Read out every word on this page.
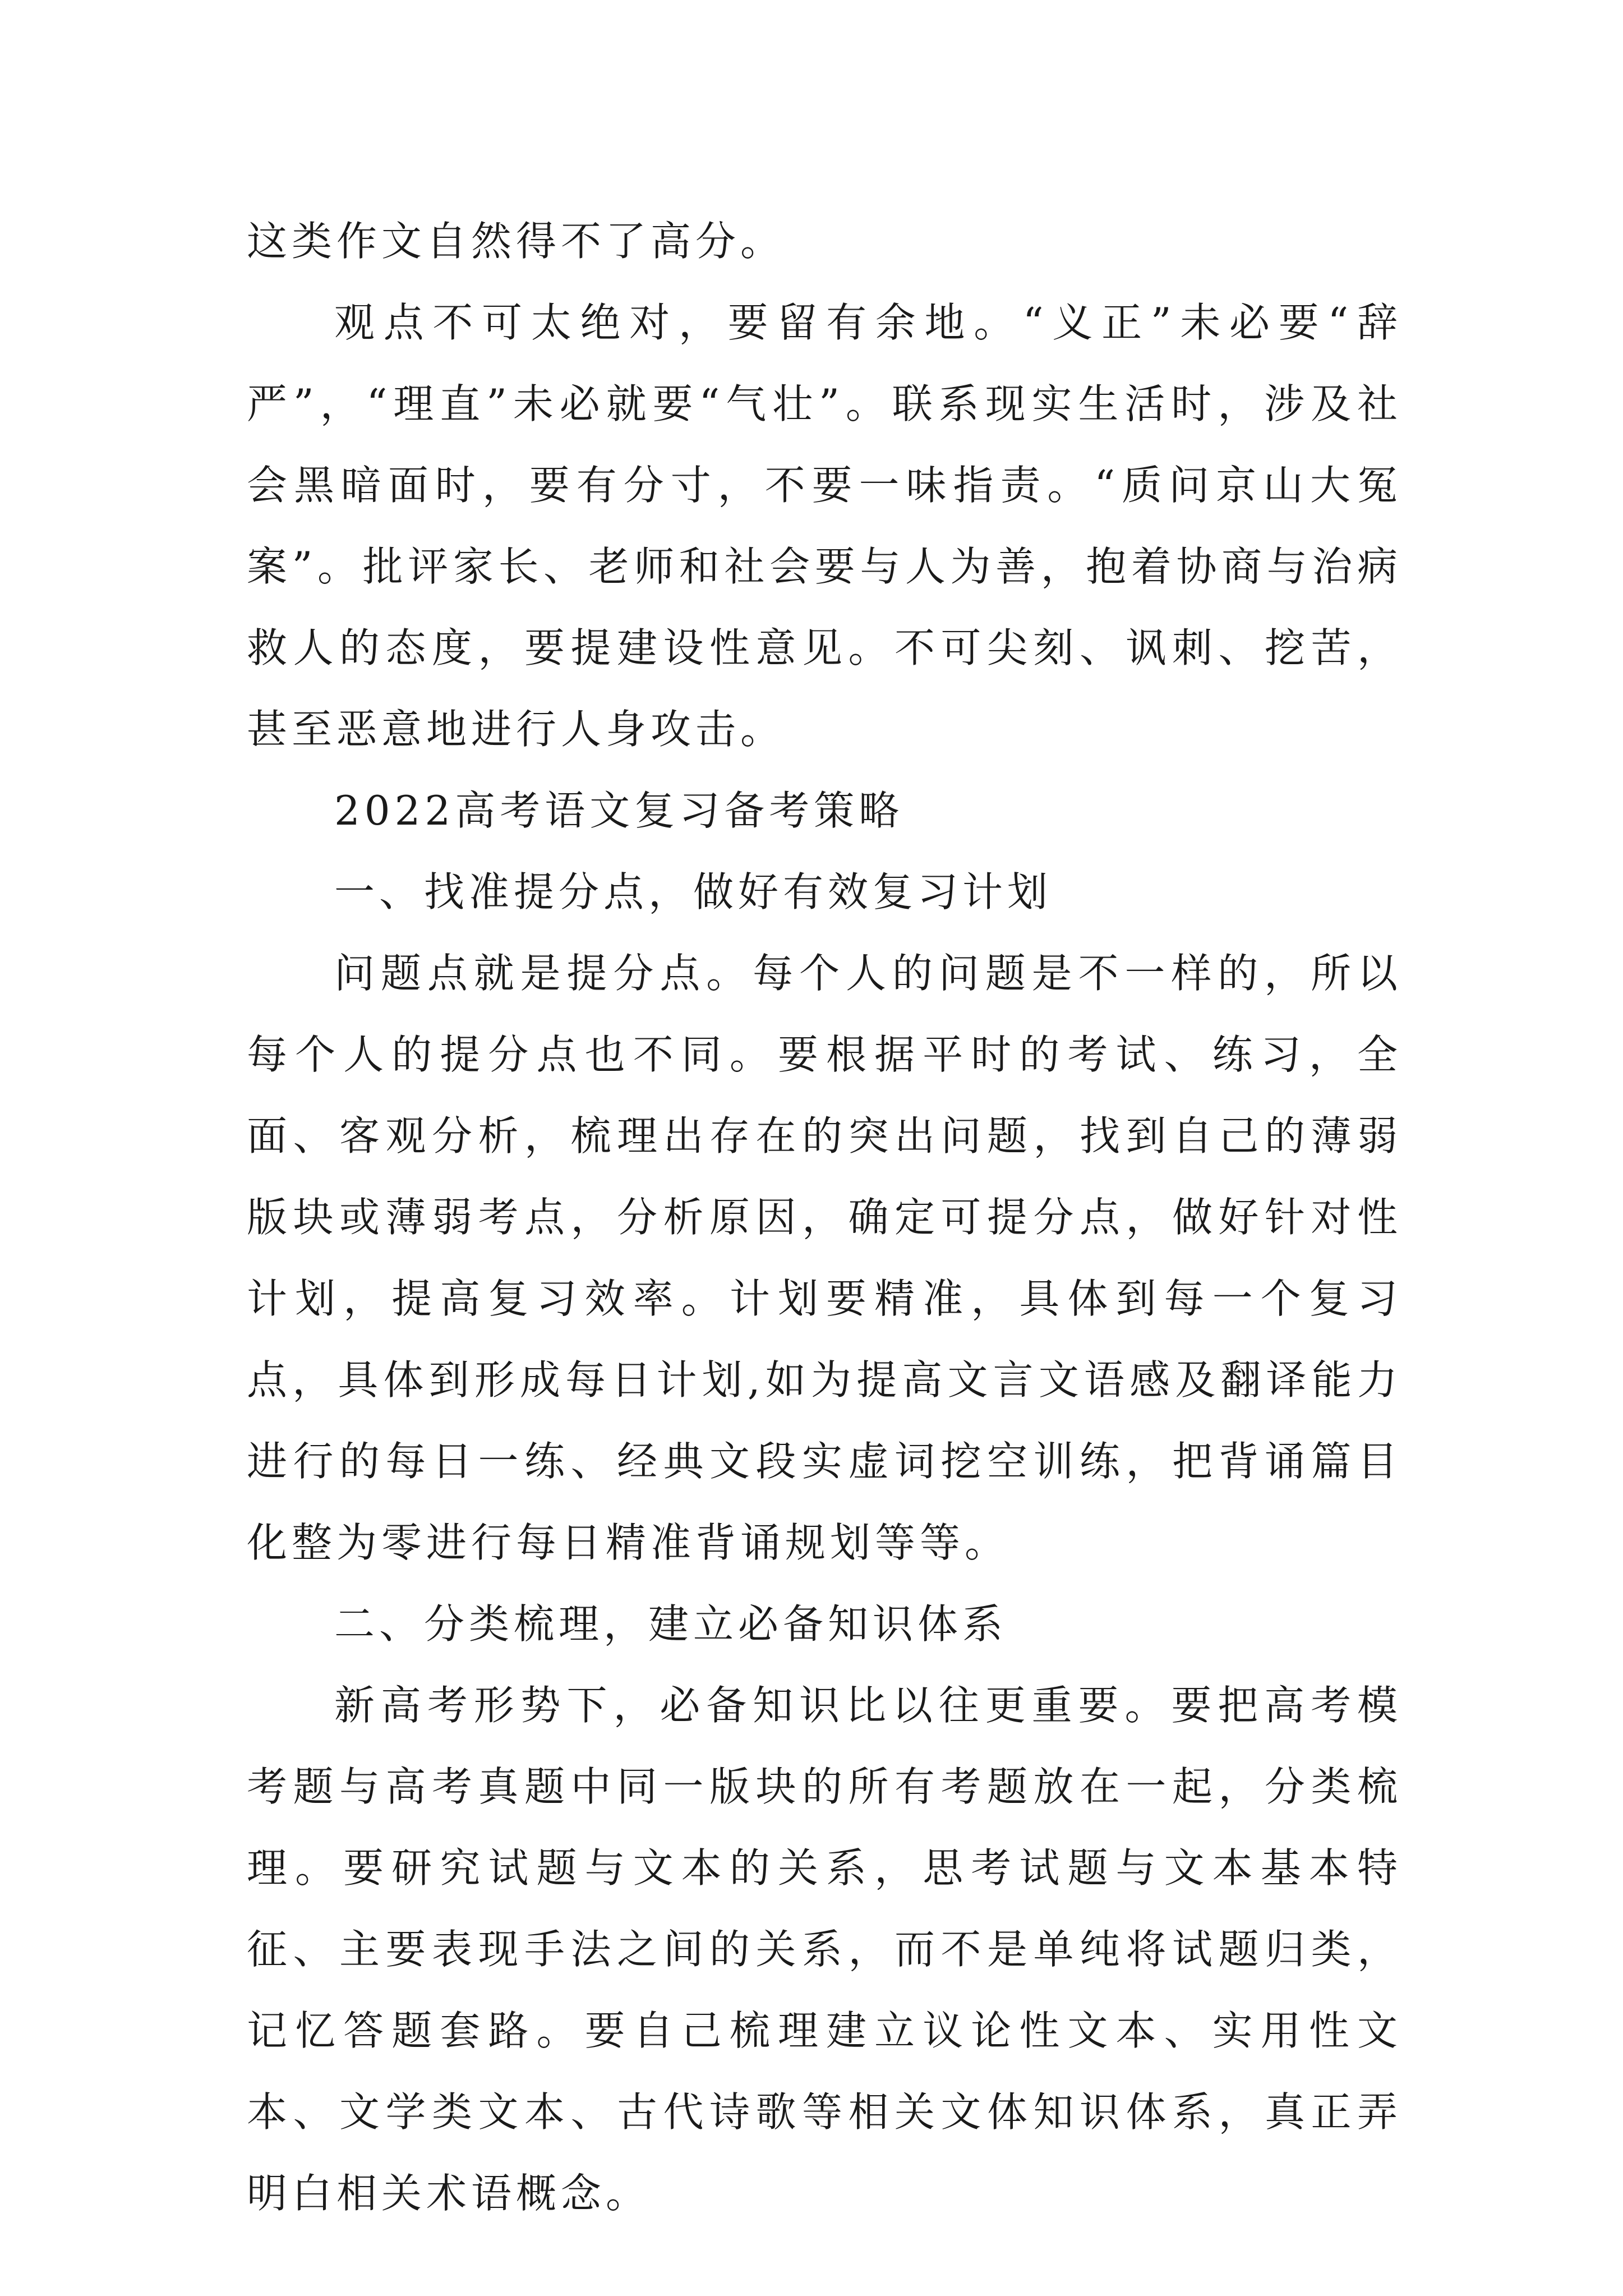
这类作文自然得不了高分。

观点不可太绝对，要留有余地。“义正”未必要“辞严”，“理直”未必就要“气壮”。联系现实生活时，涉及社会黑暗面时，要有分寸，不要一味指责。“质问京山大冤案”。批评家长、老师和社会要与人为善，抱着协商与治病救人的态度，要提建设性意见。不可尖刻、讽刺、挖苦，甚至恶意地进行人身攻击。

2022高考语文复习备考策略

一、找准提分点，做好有效复习计划

问题点就是提分点。每个人的问题是不一样的，所以每个人的提分点也不同。要根据平时的考试、练习，全面、客观分析，梳理出存在的突出问题，找到自己的薄弱版块或薄弱考点，分析原因，确定可提分点，做好针对性计划，提高复习效率。计划要精准，具体到每一个复习点，具体到形成每日计划,如为提高文言文语感及翻译能力进行的每日一练、经典文段实虚词挖空训练，把背诵篇目化整为零进行每日精准背诵规划等等。

二、分类梳理，建立必备知识体系

新高考形势下，必备知识比以往更重要。要把高考模考题与高考真题中同一版块的所有考题放在一起，分类梳理。要研究试题与文本的关系，思考试题与文本基本特征、主要表现手法之间的关系，而不是单纯将试题归类，记忆答题套路。要自己梳理建立议论性文本、实用性文本、文学类文本、古代诗歌等相关文体知识体系，真正弄明白相关术语概念。
